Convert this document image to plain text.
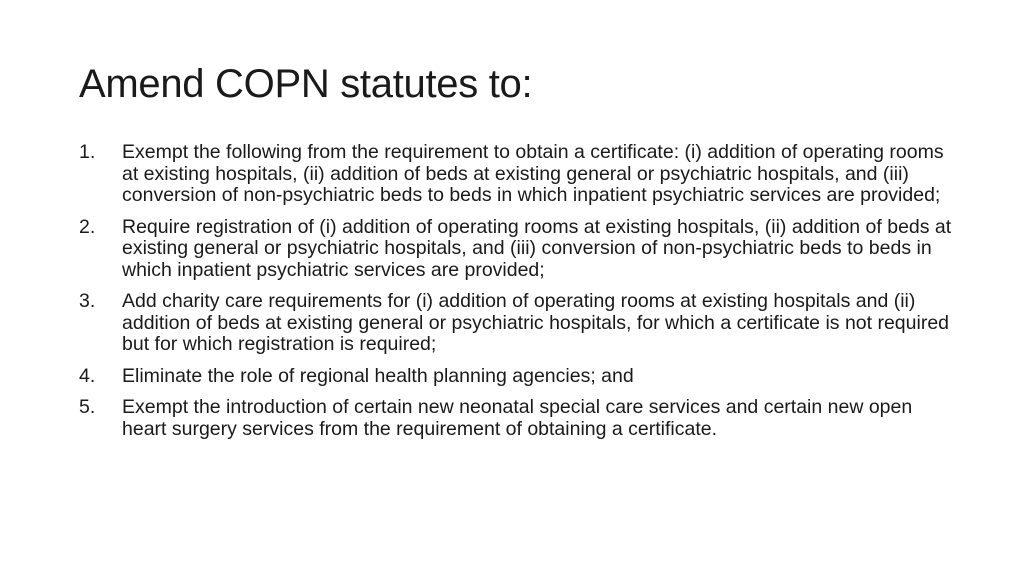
Amend COPN statutes to:
1. Exempt the following from the requirement to obtain a certificate: (i) addition of operating rooms at existing hospitals, (ii) addition of beds at existing general or psychiatric hospitals, and (iii) conversion of non-psychiatric beds to beds in which inpatient psychiatric services are provided;
2. Require registration of (i) addition of operating rooms at existing hospitals, (ii) addition of beds at existing general or psychiatric hospitals, and (iii) conversion of non-psychiatric beds to beds in which inpatient psychiatric services are provided;
3. Add charity care requirements for (i) addition of operating rooms at existing hospitals and (ii) addition of beds at existing general or psychiatric hospitals, for which a certificate is not required but for which registration is required;
4. Eliminate the role of regional health planning agencies; and
5. Exempt the introduction of certain new neonatal special care services and certain new open heart surgery services from the requirement of obtaining a certificate.
